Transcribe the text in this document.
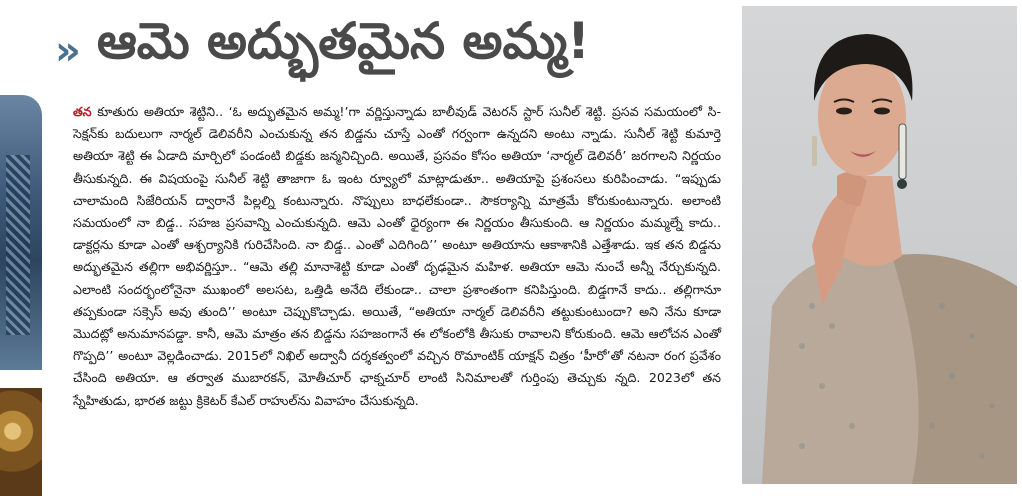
» ఆమె అద్భుతమైన అమ్మ!
తన కూతురు అతియా శెట్టిని.. ‘ఓ అద్భుతమైన అమ్మ!’గా వర్ణిస్తున్నాడు బాలీవుడ్ వెటరన్ స్టార్ సునీల్ శెట్టి. ప్రసవ సమయంలో సి-సెక్షన్‌కు బదులుగా నార్మల్ డెలివరీని ఎంచుకున్న తన బిడ్డను చూస్తే ఎంతో గర్వంగా ఉన్నదని అంటు న్నాడు. సునీల్ శెట్టి కుమార్తె అతియా శెట్టి ఈ ఏడాది మార్చిలో పండంటి బిడ్డకు జన్మనిచ్చింది. అయితే, ప్రసవం కోసం అతియా ‘నార్మల్ డెలివరీ’ జరగాలని నిర్ణయం తీసుకున్నది. ఈ విషయంపై సునీల్ శెట్టి తాజాగా ఓ ఇంట ర్వ్యూలో మాట్లాడుతూ.. అతియాపై ప్రశంసలు కురిపించాడు. “ఇప్పుడు చాలామంది సిజేరియన్ ద్వారానే పిల్లల్ని కంటున్నారు. నొప్పులు బాధలేకుండా.. సౌకర్యాన్ని మాత్రమే కోరుకుంటున్నారు. అలాంటి సమయంలో నా బిడ్డ.. సహజ ప్రసవాన్ని ఎంచుకున్నది. ఆమె ఎంతో ధైర్యంగా ఈ నిర్ణయం తీసుకుంది. ఆ నిర్ణయం మమ్మల్నే కాదు.. డాక్టర్లను కూడా ఎంతో ఆశ్చర్యానికి గురిచేసింది. నా బిడ్డ.. ఎంతో ఎదిగింది’’ అంటూ అతియాను ఆకాశానికి ఎత్తేశాడు. ఇక తన బిడ్డను అద్భుతమైన తల్లిగా అభివర్ణిస్తూ.. “ఆమె తల్లి మానాశెట్టి కూడా ఎంతో దృఢమైన మహిళ. అతియా ఆమె నుంచే అన్నీ నేర్చుకున్నది. ఎలాంటి సందర్భంలోనైనా ముఖంలో అలసట, ఒత్తిడి అనేది లేకుండా.. చాలా ప్రశాంతంగా కనిపిస్తుంది. బిడ్డగానే కాదు.. తల్లిగానూ తప్పకుండా సక్సెస్ అవు తుంది’’ అంటూ చెప్పుకొచ్చాడు. అయితే, “అతియా నార్మల్ డెలివరీని తట్టుకుంటుందా? అని నేను కూడా మొదట్లో అనుమానపడ్డా. కానీ, ఆమె మాత్రం తన బిడ్డను సహజంగానే ఈ లోకంలోకి తీసుకు రావాలని కోరుకుంది. ఆమె ఆలోచన ఎంతో గొప్పది’’ అంటూ వెల్లడించాడు. 2015లో నిఖిల్ అద్వానీ దర్శకత్వంలో వచ్చిన రొమాంటిక్ యాక్షన్ చిత్రం ‘హీరో’తో నటనా రంగ ప్రవేశం చేసింది అతియా. ఆ తర్వాత ముబారకన్, మోతీచూర్ ఛాక్నచూర్ లాంటి సినిమాలతో గుర్తింపు తెచ్చుకు న్నది. 2023లో తన స్నేహితుడు, భారత జట్టు క్రికెటర్ కేఎల్ రాహుల్‌ను వివాహం చేసుకున్నది.
